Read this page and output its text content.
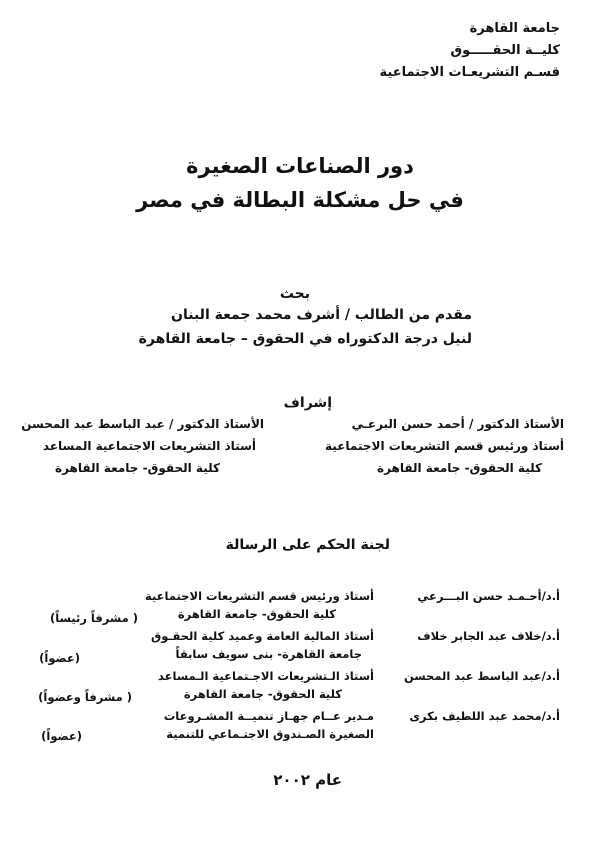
جامعة القاهرة
كليــة الحقـــــوق
قسـم التشريعـات الاجتماعية
دور الصناعات الصغيرة
في حل مشكلة البطالة في مصر
بحث
مقدم من الطالب / أشرف محمد جمعة البنان
لنيل درجة الدكتوراه في الحقوق – جامعة القاهرة
إشراف
الأستاذ الدكتور / أحمد حسن البرعـي
أستاذ ورئيس قسم التشريعات الاجتماعية
كلية الحقوق- جامعة القاهرة
الأستاذ الدكتور / عبد الباسط عبد المحسن
أستاذ التشريعات الاجتماعية المساعد
كلية الحقوق- جامعة القاهرة
لجنة الحكم على الرسالة
أ.د/أحـمـد حسن البـــرعي
أستاذ ورئيس قسم التشريعات الاجتماعية
كلية الحقوق- جامعة القاهرة
( مشرفاً رئيساً)
أ.د/خلاف عبد الجابر خلاف
أستاذ المالية العامة وعميد كلية الحقـوق
جامعة القاهرة- بنى سويف سابقاً
(عضواً)
أ.د/عبد الباسط عبد المحسن
أستاذ الـتشريعات الاجـتماعية الـمساعد
كلية الحقوق- جامعة القاهرة
( مشرفاً وعضواً)
أ.د/محمد عبد اللطيف بكرى
مـدير عــام جهـاز تنميــة المشـروعات
الصغيرة الصـندوق الاجتـماعي للتنمية
(عضواً)
عام ٢٠٠٢
